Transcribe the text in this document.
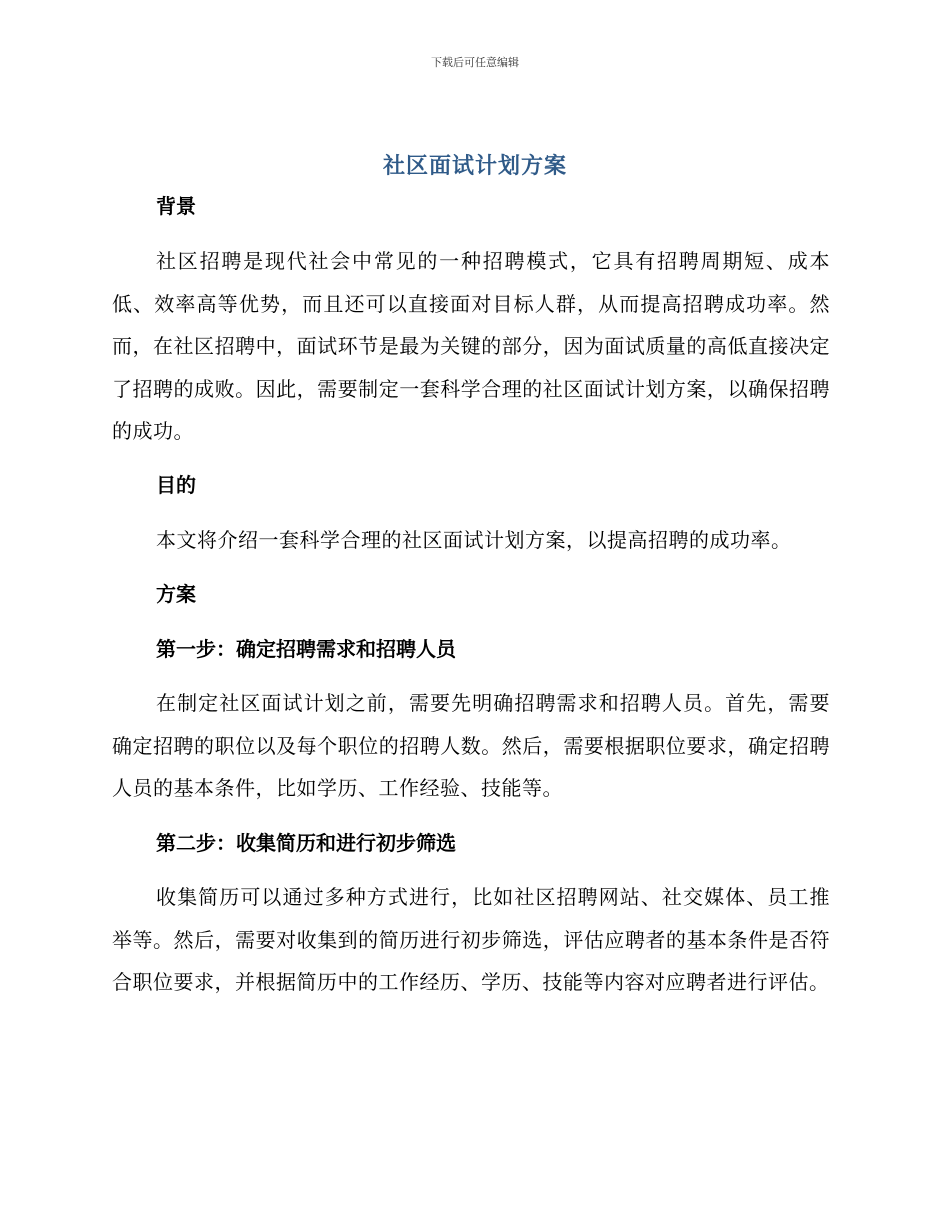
下载后可任意编辑
社区面试计划方案
背景
社区招聘是现代社会中常见的一种招聘模式，它具有招聘周期短、成本低、效率高等优势，而且还可以直接面对目标人群，从而提高招聘成功率。然而，在社区招聘中，面试环节是最为关键的部分，因为面试质量的高低直接决定了招聘的成败。因此，需要制定一套科学合理的社区面试计划方案，以确保招聘的成功。
目的
本文将介绍一套科学合理的社区面试计划方案，以提高招聘的成功率。
方案
第一步：确定招聘需求和招聘人员
在制定社区面试计划之前，需要先明确招聘需求和招聘人员。首先，需要确定招聘的职位以及每个职位的招聘人数。然后，需要根据职位要求，确定招聘人员的基本条件，比如学历、工作经验、技能等。
第二步：收集简历和进行初步筛选
收集简历可以通过多种方式进行，比如社区招聘网站、社交媒体、员工推举等。然后，需要对收集到的简历进行初步筛选，评估应聘者的基本条件是否符合职位要求，并根据简历中的工作经历、学历、技能等内容对应聘者进行评估。
